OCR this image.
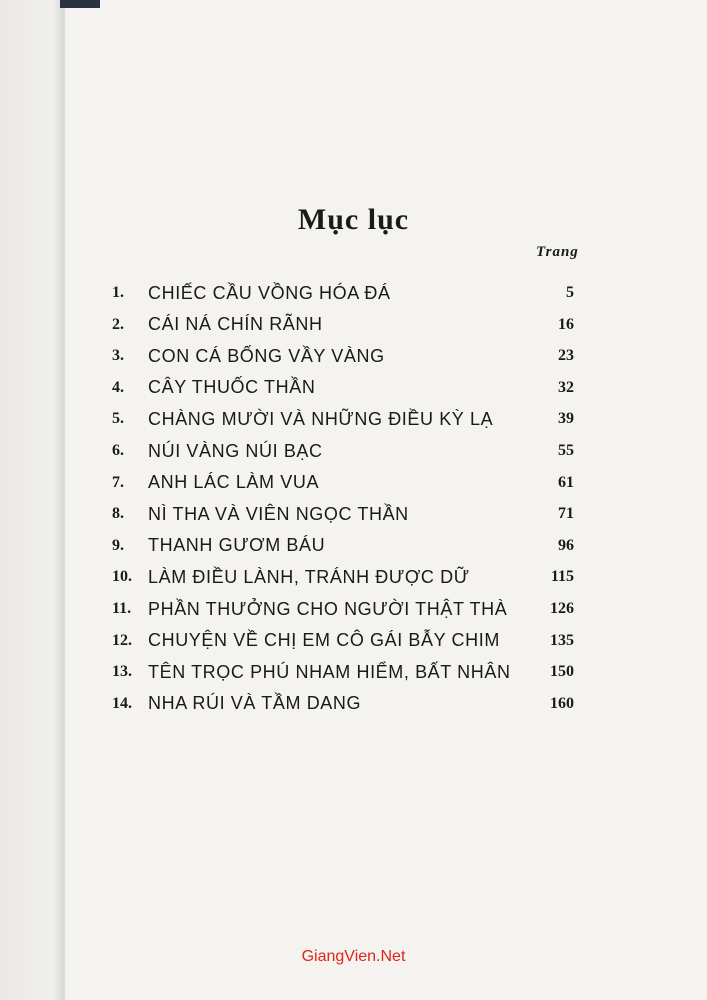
Mục lục
Trang
1.	CHIẾC CẦU VỒNG HÓA ĐÁ	5
2.	CÁI NÁ CHÍN RÃNH	16
3.	CON CÁ BỐNG VẦY VÀNG	23
4.	CÂY THUỐC THẦN	32
5.	CHÀNG MƯỜI VÀ NHỮNG ĐIỀU KỲ LẠ	39
6.	NÚI VÀNG NÚI BẠC	55
7.	ANH LÁC LÀM VUA	61
8.	NÌ THA VÀ VIÊN NGỌC THẦN	71
9.	THANH GƯƠM BÁU	96
10. LÀM ĐIỀU LÀNH, TRÁNH ĐƯỢC DỮ	115
11. PHẦN THƯỞNG CHO NGƯỜI THẬT THÀ	126
12. CHUYỆN VỀ CHỊ EM CÔ GÁI BẪY CHIM	135
13. TÊN TRỌC PHÚ NHAM HIỂM, BẤT NHÂN	150
14. NHA RÚI VÀ TẦM DANG	160
GiangVien.Net
